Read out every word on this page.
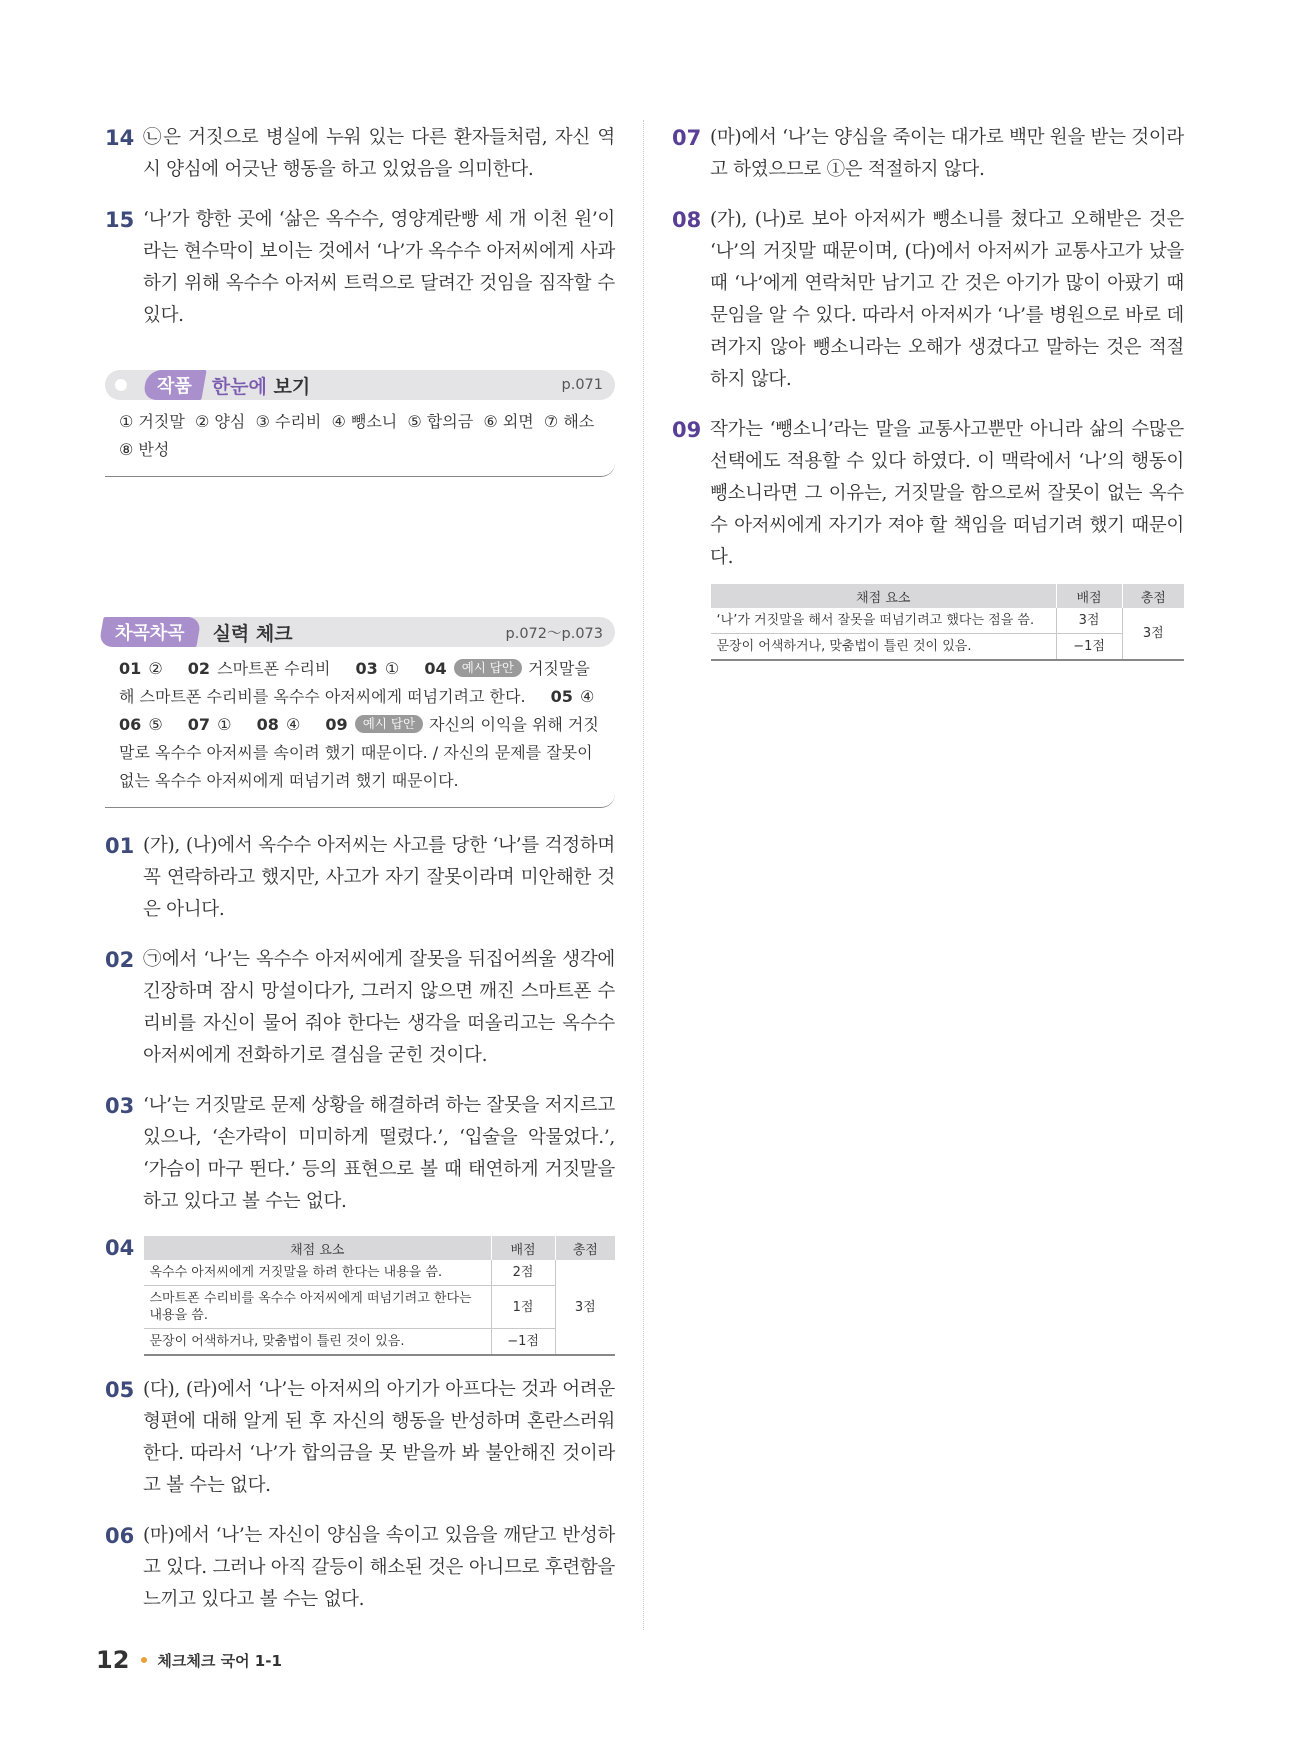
14 ㉡은 거짓으로 병실에 누워 있는 다른 환자들처럼, 자신 역시 양심에 어긋난 행동을 하고 있었음을 의미한다.
15 ‘나’가 향한 곳에 ‘삶은 옥수수, 영양계란빵 세 개 이천 원’이라는 현수막이 보이는 것에서 ‘나’가 옥수수 아저씨에게 사과하기 위해 옥수수 아저씨 트럭으로 달려간 것임을 짐작할 수 있다.
작품 한눈에 보기	p.071
① 거짓말  ② 양심  ③ 수리비  ④ 뺑소니  ⑤ 합의금  ⑥ 외면  ⑦ 해소
⑧ 반성
차곡차곡 실력 체크	p.072～p.073
01 ② 02 스마트폰 수리비 03 ① 04 예시 답안 거짓말을 해 스마트폰 수리비를 옥수수 아저씨에게 떠넘기려고 한다. 05 ④
06 ⑤ 07 ① 08 ④ 09 예시 답안 자신의 이익을 위해 거짓말로 옥수수 아저씨를 속이려 했기 때문이다. / 자신의 문제를 잘못이 없는 옥수수 아저씨에게 떠넘기려 했기 때문이다.
01 (가), (나)에서 옥수수 아저씨는 사고를 당한 ‘나’를 걱정하며 꼭 연락하라고 했지만, 사고가 자기 잘못이라며 미안해한 것은 아니다.
02 ㉠에서 ‘나’는 옥수수 아저씨에게 잘못을 뒤집어씌울 생각에 긴장하며 잠시 망설이다가, 그러지 않으면 깨진 스마트폰 수리비를 자신이 물어 줘야 한다는 생각을 떠올리고는 옥수수 아저씨에게 전화하기로 결심을 굳힌 것이다.
03 ‘나’는 거짓말로 문제 상황을 해결하려 하는 잘못을 저지르고 있으나, ‘손가락이 미미하게 떨렸다.’, ‘입술을 악물었다.’, ‘가슴이 마구 뛴다.’ 등의 표현으로 볼 때 태연하게 거짓말을 하고 있다고 볼 수는 없다.
04	채점 요소	배점	총점
옥수수 아저씨에게 거짓말을 하려 한다는 내용을 씀.	2점	3점
스마트폰 수리비를 옥수수 아저씨에게 떠넘기려고 한다는 내용을 씀.	1점	
문장이 어색하거나, 맞춤법이 틀린 것이 있음.	−1점	
05 (다), (라)에서 ‘나’는 아저씨의 아기가 아프다는 것과 어려운 형편에 대해 알게 된 후 자신의 행동을 반성하며 혼란스러워한다. 따라서 ‘나’가 합의금을 못 받을까 봐 불안해진 것이라고 볼 수는 없다.
06 (마)에서 ‘나’는 자신이 양심을 속이고 있음을 깨닫고 반성하고 있다. 그러나 아직 갈등이 해소된 것은 아니므로 후련함을 느끼고 있다고 볼 수는 없다.
07 (마)에서 ‘나’는 양심을 죽이는 대가로 백만 원을 받는 것이라고 하였으므로 ①은 적절하지 않다.
08 (가), (나)로 보아 아저씨가 뺑소니를 쳤다고 오해받은 것은 ‘나’의 거짓말 때문이며, (다)에서 아저씨가 교통사고가 났을 때 ‘나’에게 연락처만 남기고 간 것은 아기가 많이 아팠기 때문임을 알 수 있다. 따라서 아저씨가 ‘나’를 병원으로 바로 데려가지 않아 뺑소니라는 오해가 생겼다고 말하는 것은 적절하지 않다.
09 작가는 ‘뺑소니’라는 말을 교통사고뿐만 아니라 삶의 수많은 선택에도 적용할 수 있다 하였다. 이 맥락에서 ‘나’의 행동이 뺑소니라면 그 이유는, 거짓말을 함으로써 잘못이 없는 옥수수 아저씨에게 자기가 져야 할 책임을 떠넘기려 했기 때문이다.
채점 요소	배점	총점
‘나’가 거짓말을 해서 잘못을 떠넘기려고 했다는 점을 씀.	3점	3점
문장이 어색하거나, 맞춤법이 틀린 것이 있음.	−1점	
12 체크체크 국어 1-1
